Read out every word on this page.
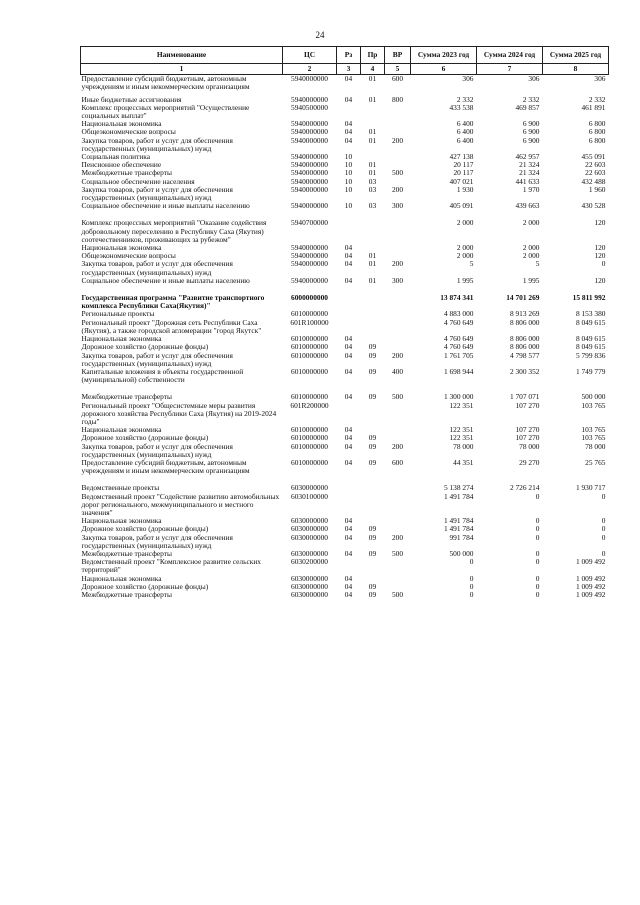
24
Наименование	ЦС	Рз	Пр	ВР	Сумма 2023 год	Сумма 2024 год	Сумма 2025 год
1	2	3	4	5	6	7	8
Предоставление субсидий бюджетным, автономным учреждениям и иным некоммерческим организациям	5940000000	04	01	600	306	306	306

Иные бюджетные ассигнования	5940000000	04	01	800	2 332	2 332	2 332
Комплекс процессных мероприятий "Осуществление социальных выплат"	5940500000				433 538	469 857	461 891
Национальная экономика	5940000000	04			6 400	6 900	6 800
Общеэкономические вопросы	5940000000	04	01		6 400	6 900	6 800
Закупка товаров, работ и услуг для обеспечения государственных (муниципальных) нужд	5940000000	04	01	200	6 400	6 900	6 800
Социальная политика	5940000000	10			427 138	462 957	455 091
Пенсионное обеспечение	5940000000	10	01		20 117	21 324	22 603
Межбюджетные трансферты	5940000000	10	01	500	20 117	21 324	22 603
Социальное обеспечение населения	5940000000	10	03		407 021	441 633	432 488
Закупка товаров, работ и услуг для обеспечения государственных (муниципальных) нужд	5940000000	10	03	200	1 930	1 970	1 960
Социальное обеспечение и иные выплаты населению	5940000000	10	03	300	405 091	439 663	430 528

Комплекс процессных мероприятий "Оказание содействия добровольному переселению в Республику Саха (Якутия) соотечественников, проживающих за рубежом"	5940700000				2 000	2 000	120
Национальная экономика	5940000000	04			2 000	2 000	120
Общеэкономические вопросы	5940000000	04	01		2 000	2 000	120
Закупка товаров, работ и услуг для обеспечения государственных (муниципальных) нужд	5940000000	04	01	200	5	5	0
Социальное обеспечение и иные выплаты населению	5940000000	04	01	300	1 995	1 995	120

Государственная программа "Развитие транспортного комплекса Республики Саха(Якутия)"	6000000000				13 874 341	14 701 269	15 811 992
Региональные проекты	6010000000				4 883 000	8 913 269	8 153 380
Региональный проект "Дорожная сеть Республики Саха (Якутия), а также городской агломерации "город Якутск"	601R100000				4 760 649	8 806 000	8 049 615
Национальная экономика	6010000000	04			4 760 649	8 806 000	8 049 615
Дорожное хозяйство (дорожные фонды)	6010000000	04	09		4 760 649	8 806 000	8 049 615
Закупка товаров, работ и услуг для обеспечения государственных (муниципальных) нужд	6010000000	04	09	200	1 761 705	4 798 577	5 799 836
Капитальные вложения в объекты государственной (муниципальной) собственности	6010000000	04	09	400	1 698 944	2 300 352	1 749 779

Межбюджетные трансферты	6010000000	04	09	500	1 300 000	1 707 071	500 000
Региональный проект "Общесистемные меры развития дорожного хозяйства Республики Саха (Якутия) на 2019-2024 годы"	601R200000				122 351	107 270	103 765
Национальная экономика	6010000000	04			122 351	107 270	103 765
Дорожное хозяйство (дорожные фонды)	6010000000	04	09		122 351	107 270	103 765
Закупка товаров, работ и услуг для обеспечения государственных (муниципальных) нужд	6010000000	04	09	200	78 000	78 000	78 000
Предоставление субсидий бюджетным, автономным учреждениям и иным некоммерческим организациям	6010000000	04	09	600	44 351	29 270	25 765

Ведомственные проекты	6030000000				5 138 274	2 726 214	1 930 717
Ведомственный проект "Содействие развитию автомобильных дорог регионального, межмуниципального и местного значения"	6030100000				1 491 784	0	0
Национальная экономика	6030000000	04			1 491 784	0	0
Дорожное хозяйство (дорожные фонды)	6030000000	04	09		1 491 784	0	0
Закупка товаров, работ и услуг для обеспечения государственных (муниципальных) нужд	6030000000	04	09	200	991 784	0	0
Межбюджетные трансферты	6030000000	04	09	500	500 000	0	0
Ведомственный проект "Комплексное развитие сельских территорий"	6030200000				0	0	1 009 492
Национальная экономика	6030000000	04			0	0	1 009 492
Дорожное хозяйство (дорожные фонды)	6030000000	04	09		0	0	1 009 492
Межбюджетные трансферты	6030000000	04	09	500	0	0	1 009 492
